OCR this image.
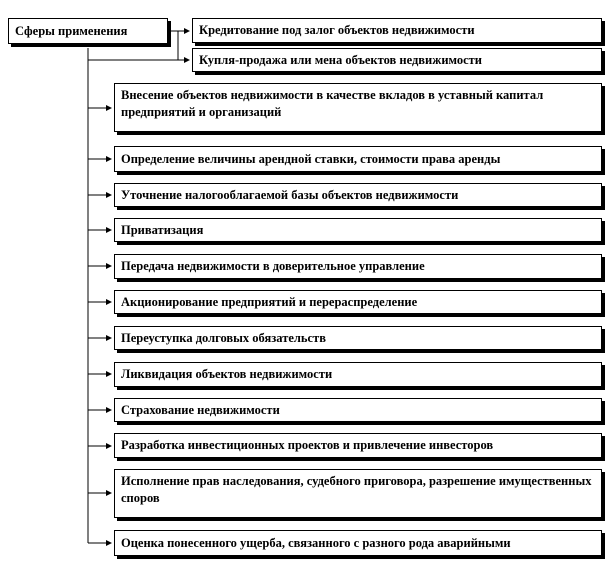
Сферы применения	Кредитование под залог объектов недвижимости
Купля-продажа или мена объектов недвижимости
Внесение объектов недвижимости в качестве вкладов в уставный капитал предприятий и организаций
Определение величины арендной ставки, стоимости права аренды
Уточнение налогооблагаемой базы объектов недвижимости
Приватизация
Передача недвижимости в доверительное управление
Акционирование предприятий и перераспределение
Переуступка долговых обязательств
Ликвидация объектов недвижимости
Страхование недвижимости
Разработка инвестиционных проектов и привлечение инвесторов
Исполнение прав наследования, судебного приговора, разрешение имущественных споров
Оценка понесенного ущерба, связанного с разного рода аварийными
